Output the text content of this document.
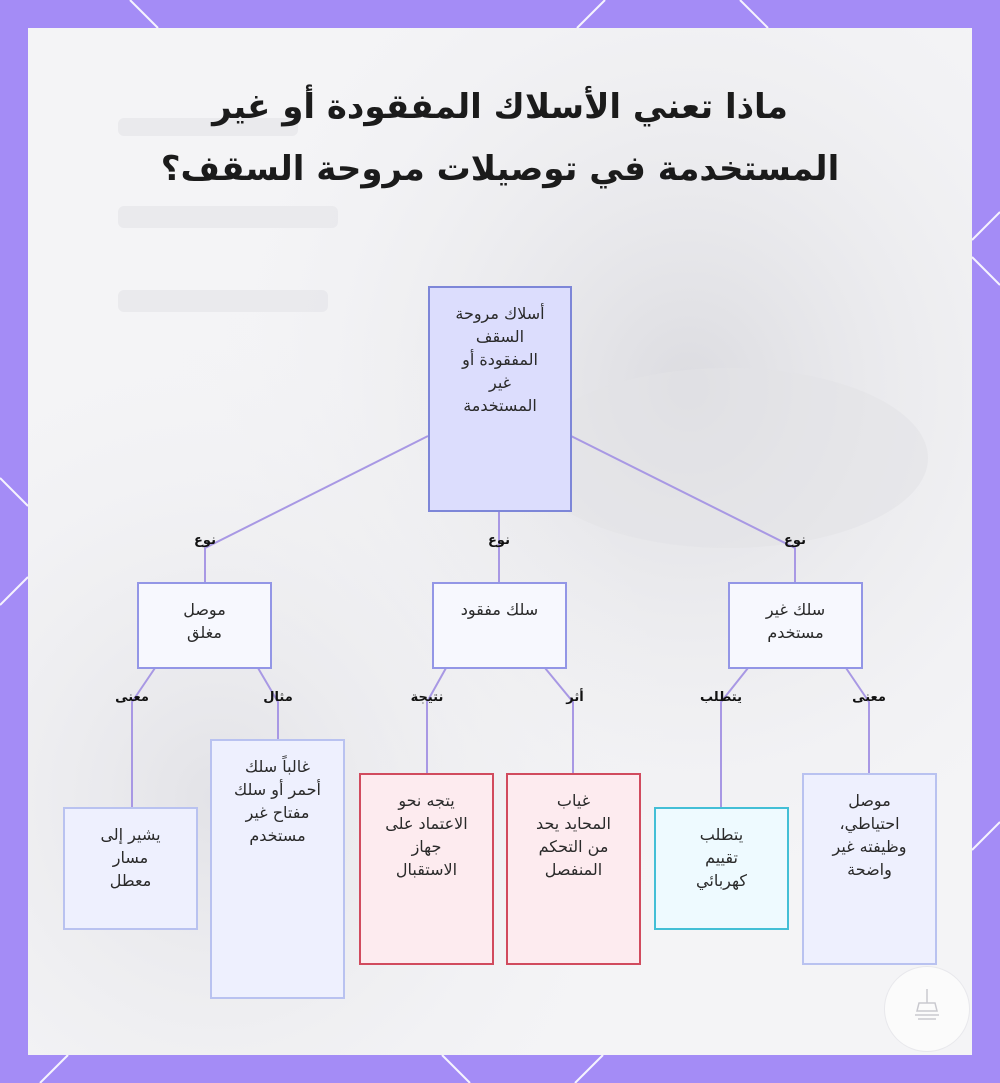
ماذا تعني الأسلاك المفقودة أو غير المستخدمة في توصيلات مروحة السقف؟
أسلاك مروحة السقف المفقودة أو غير المستخدمة
موصل مغلق
سلك مفقود	سلك غير مستخدم
يشير إلى مسار معطل
غالباً سلك أحمر أو سلك مفتاح غير مستخدم
يتجه نحو الاعتماد على جهاز الاستقبال
غياب المحايد يحد من التحكم المنفصل
يتطلب تقييم كهربائي
موصل احتياطي، وظيفته غير واضحة
نوع	نوع	نوع
معنى	مثال	نتيجة	أثر	يتطلب	معنى
